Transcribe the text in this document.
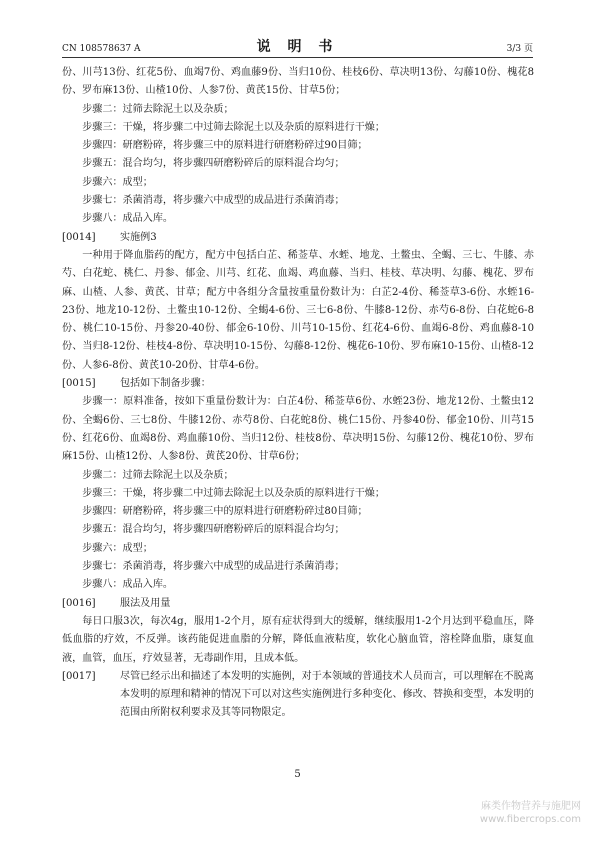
CN 108578637 A	说 明 书	3/3 页

份、川芎13份、红花5份、血竭7份、鸡血藤9份、当归10份、桂枝6份、草决明13份、勾藤10份、槐花8份、罗布麻13份、山楂10份、人参7份、黄芪15份、甘草5份；

步骤二：过筛去除泥土以及杂质；

步骤三：干燥，将步骤二中过筛去除泥土以及杂质的原料进行干燥；

步骤四：研磨粉碎，将步骤三中的原料进行研磨粉碎过90目筛；

步骤五：混合均匀，将步骤四研磨粉碎后的原料混合均匀；

步骤六：成型；

步骤七：杀菌消毒，将步骤六中成型的成品进行杀菌消毒；

步骤八：成品入库。

[0014]	实施例3

一种用于降血脂药的配方，配方中包括白芷、稀莶草、水蛭、地龙、土鳖虫、全蝎、三七、牛膝、赤芍、白花蛇、桃仁、丹参、郁金、川芎、红花、血竭、鸡血藤、当归、桂枝、草决明、勾藤、槐花、罗布麻、山楂、人参、黄芪、甘草；配方中各组分含量按重量份数计为：白芷2-4份、稀莶草3-6份、水蛭16-23份、地龙10-12份、土鳖虫10-12份、全蝎4-6份、三七6-8份、牛膝8-12份、赤芍6-8份、白花蛇6-8份、桃仁10-15份、丹参20-40份、郁金6-10份、川芎10-15份、红花4-6份、血竭6-8份、鸡血藤8-10份、当归8-12份、桂枝4-8份、草决明10-15份、勾藤8-12份、槐花6-10份、罗布麻10-15份、山楂8-12份、人参6-8份、黄芪10-20份、甘草4-6份。

[0015]	包括如下制备步骤：

步骤一：原料准备，按如下重量份数计为：白芷4份、稀莶草6份、水蛭23份、地龙12份、土鳖虫12份、全蝎6份、三七8份、牛膝12份、赤芍8份、白花蛇8份、桃仁15份、丹参40份、郁金10份、川芎15份、红花6份、血竭8份、鸡血藤10份、当归12份、桂枝8份、草决明15份、勾藤12份、槐花10份、罗布麻15份、山楂12份、人参8份、黄芪20份、甘草6份；

步骤二：过筛去除泥土以及杂质；

步骤三：干燥，将步骤二中过筛去除泥土以及杂质的原料进行干燥；

步骤四：研磨粉碎，将步骤三中的原料进行研磨粉碎过80目筛；

步骤五：混合均匀，将步骤四研磨粉碎后的原料混合均匀；

步骤六：成型；

步骤七：杀菌消毒，将步骤六中成型的成品进行杀菌消毒；

步骤八：成品入库。

[0016]	服法及用量

每日口服3次，每次4g，服用1-2个月，原有症状得到大的缓解，继续服用1-2个月达到平稳血压，降低血脂的疗效，不反弹。该药能促进血脂的分解，降低血液粘度，软化心脑血管，溶栓降血脂，康复血液，血管，血压，疗效显著，无毒副作用，且成本低。

[0017]	尽管已经示出和描述了本发明的实施例，对于本领域的普通技术人员而言，可以理解在不脱离本发明的原理和精神的情况下可以对这些实施例进行多种变化、修改、替换和变型，本发明的范围由所附权利要求及其等同物限定。
5
麻类作物营养与施肥网
www.fibercrops.com
